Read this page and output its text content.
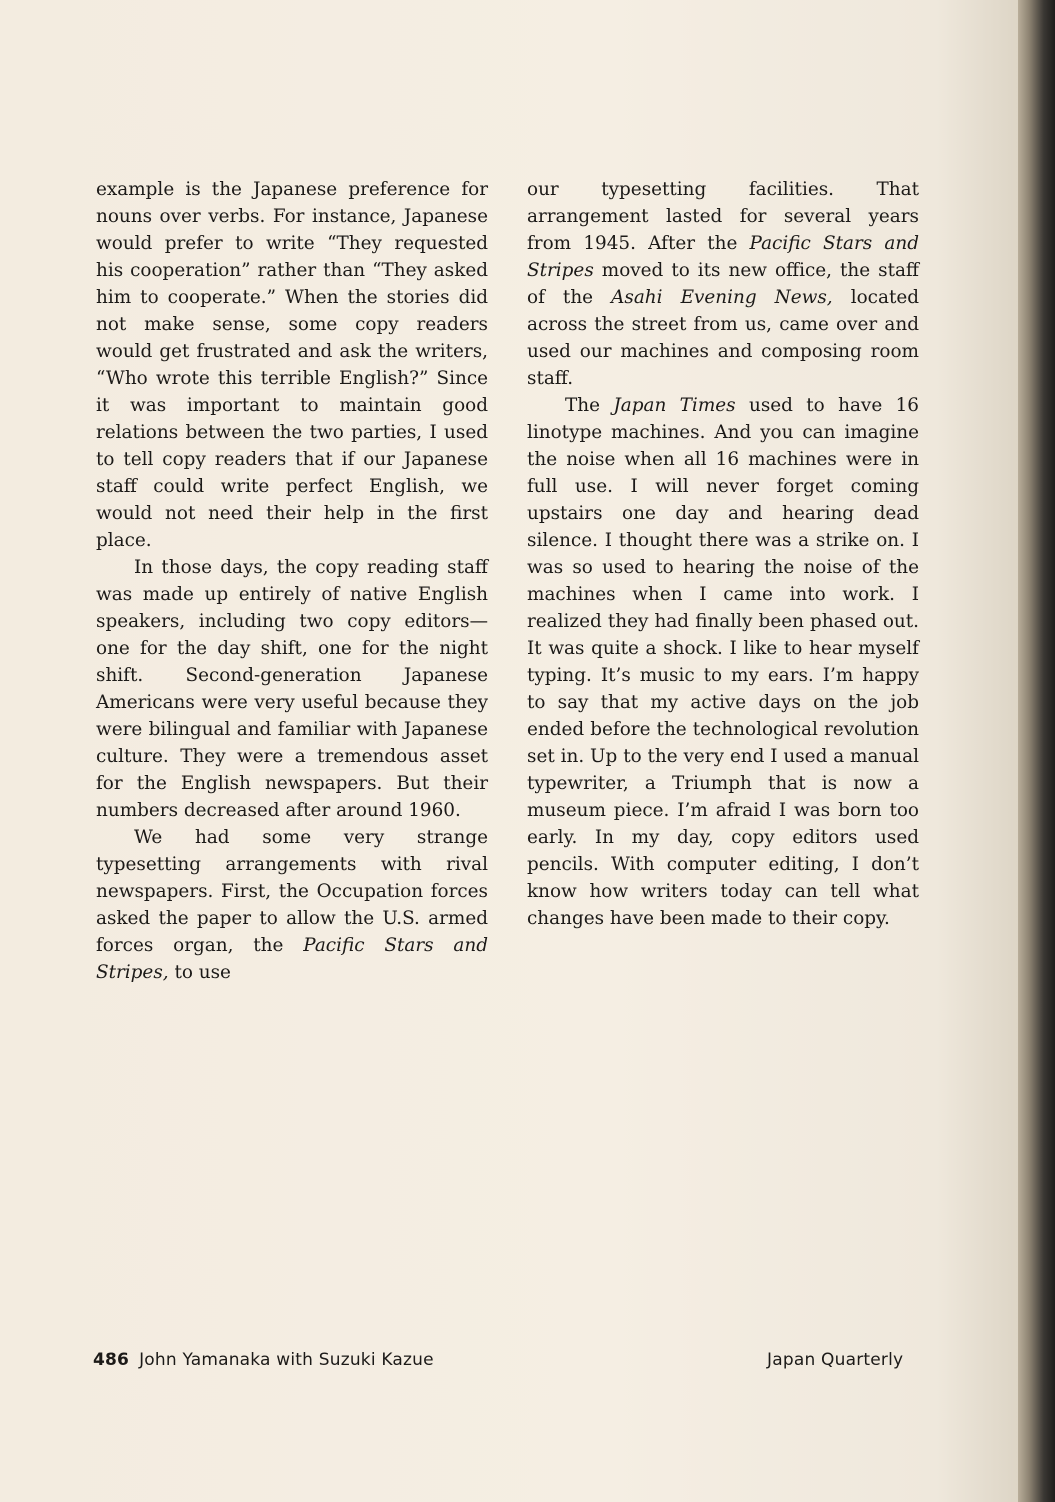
example is the Japanese preference for nouns over verbs. For instance, Japanese would prefer to write “They requested his cooperation” rather than “They asked him to cooperate.” When the stories did not make sense, some copy readers would get frustrated and ask the writers, “Who wrote this terrible English?” Since it was important to maintain good relations between the two parties, I used to tell copy readers that if our Japanese staff could write perfect English, we would not need their help in the first place.

In those days, the copy reading staff was made up entirely of native English speakers, including two copy editors—one for the day shift, one for the night shift. Second-generation Japanese Americans were very useful because they were bilingual and familiar with Japanese culture. They were a tremendous asset for the English newspapers. But their numbers decreased after around 1960.

We had some very strange typesetting arrangements with rival newspapers. First, the Occupation forces asked the paper to allow the U.S. armed forces organ, the Pacific Stars and Stripes, to use

our typesetting facilities. That arrangement lasted for several years from 1945. After the Pacific Stars and Stripes moved to its new office, the staff of the Asahi Evening News, located across the street from us, came over and used our machines and composing room staff.

The Japan Times used to have 16 linotype machines. And you can imagine the noise when all 16 machines were in full use. I will never forget coming upstairs one day and hearing dead silence. I thought there was a strike on. I was so used to hearing the noise of the machines when I came into work. I realized they had finally been phased out. It was quite a shock. I like to hear myself typing. It’s music to my ears. I’m happy to say that my active days on the job ended before the technological revolution set in. Up to the very end I used a manual typewriter, a Triumph that is now a museum piece. I’m afraid I was born too early. In my day, copy editors used pencils. With computer editing, I don’t know how writers today can tell what changes have been made to their copy.

486 John Yamanaka with Suzuki Kazue	Japan Quarterly
